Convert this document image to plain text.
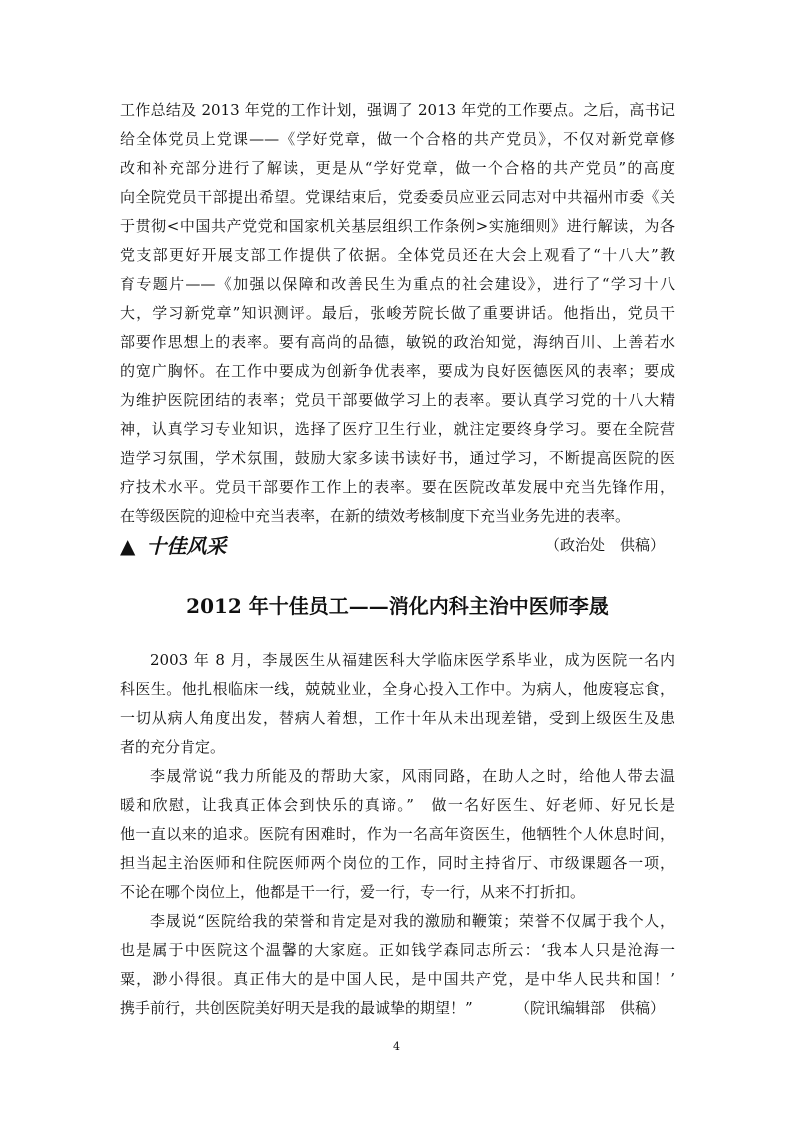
工作总结及 2013 年党的工作计划，强调了 2013 年党的工作要点。之后，高书记
给全体党员上党课——《学好党章，做一个合格的共产党员》，不仅对新党章修
改和补充部分进行了解读，更是从“学好党章，做一个合格的共产党员”的高度
向全院党员干部提出希望。党课结束后，党委委员应亚云同志对中共福州市委《关
于贯彻<中国共产党党和国家机关基层组织工作条例>实施细则》进行解读，为各
党支部更好开展支部工作提供了依据。全体党员还在大会上观看了“十八大”教
育专题片——《加强以保障和改善民生为重点的社会建设》，进行了“学习十八
大，学习新党章”知识测评。最后，张峻芳院长做了重要讲话。他指出，党员干
部要作思想上的表率。要有高尚的品德，敏锐的政治知觉，海纳百川、上善若水
的宽广胸怀。在工作中要成为创新争优表率，要成为良好医德医风的表率；要成
为维护医院团结的表率；党员干部要做学习上的表率。要认真学习党的十八大精
神，认真学习专业知识，选择了医疗卫生行业，就注定要终身学习。要在全院营
造学习氛围，学术氛围，鼓励大家多读书读好书，通过学习，不断提高医院的医
疗技术水平。党员干部要作工作上的表率。要在医院改革发展中充当先锋作用，
在等级医院的迎检中充当表率，在新的绩效考核制度下充当业务先进的表率。
（政治处　供稿）
▲ 十佳风采
2012 年十佳员工——消化内科主治中医师李晟
2003 年 8 月，李晟医生从福建医科大学临床医学系毕业，成为医院一名内
科医生。他扎根临床一线，兢兢业业，全身心投入工作中。为病人，他废寝忘食，
一切从病人角度出发，替病人着想，工作十年从未出现差错，受到上级医生及患
者的充分肯定。
李晟常说“我力所能及的帮助大家，风雨同路，在助人之时，给他人带去温
暖和欣慰，让我真正体会到快乐的真谛。”　做一名好医生、好老师、好兄长是
他一直以来的追求。医院有困难时，作为一名高年资医生，他牺牲个人休息时间，
担当起主治医师和住院医师两个岗位的工作，同时主持省厅、市级课题各一项，
不论在哪个岗位上，他都是干一行，爱一行，专一行，从来不打折扣。
李晟说“医院给我的荣誉和肯定是对我的激励和鞭策；荣誉不仅属于我个人，
也是属于中医院这个温馨的大家庭。正如钱学森同志所云：‘我本人只是沧海一
粟，渺小得很。真正伟大的是中国人民，是中国共产党，是中华人民共和国！’
携手前行，共创医院美好明天是我的最诚挚的期望！”	（院讯编辑部　供稿）
4
